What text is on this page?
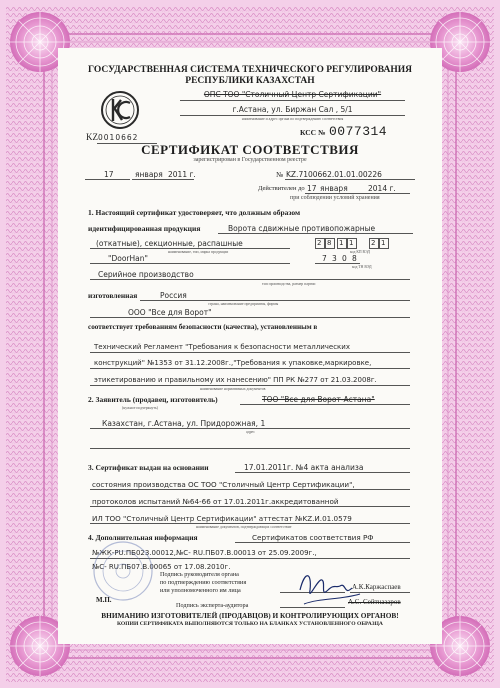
ГОСУДАРСТВЕННАЯ СИСТЕМА ТЕХНИЧЕСКОГО РЕГУЛИРОВАНИЯ
РЕСПУБЛИКИ КАЗАХСТАН
ОПС ТОО "Столичный Центр Сертификации"
г.Астана, ул. Биржан Сал , 5/1
наименование и адрес органа по подтверждению соответствия
KZ 0010662
КСС № 0077314
СЕРТИФИКАТ СООТВЕТСТВИЯ
зарегистрирован в Государственном реестре
17	января 2011 г.	№ KZ.7100662.01.01.00226
Действителен до 17 января	2014 г.
при соблюдении условий хранения
1. Настоящий сертификат удостоверяет, что должным образом
идентифицированная продукция	Ворота сдвижные противопожарные
(откатные), секционные, распашные
наименование, тип, марка продукции
2 8 1 1	2 1
код КП ВЭД
"DoorHan"	7 3 0 8
код ТН ВЭД
Серийное производство
тип производства, размер партии
изготовленная	Россия
страна, наименование предприятия, фирмы
ООО "Все для Ворот"
соответствует требованиям безопасности (качества), установленным в
Технический Регламент "Требования к безопасности металлических
конструкций" №1353 от 31.12.2008г.,"Требования к упаковке,маркировке,
этикетированию и правильному их нанесению" ПП РК №277 от 21.03.2008г.
наименование нормативных документов
2. Заявитель (продавец, изготовитель)
(нужное подчеркнуть)
ТОО "Все для Ворот-Астана"
Казахстан, г.Астана, ул. Придорожная, 1
адрес
3. Сертификат выдан на основании	17.01.2011г. №4 акта анализа
состояния производства ОС ТОО "Столичный Центр Сертификации",
протоколов испытаний №64-66 от 17.01.2011г.аккредитованной
ИЛ ТОО "Столичный Центр Сертификации" аттестат №KZ.И.01.0579
наименование документов, подтверждающих соответствие
4. Дополнительная информация	Сертификатов соответствия РФ
№ЖК-РU.ПБ023.00012,№С- RU.ПБ07.В.00013 от 25.09.2009г.,
№С- RU.ПБ07.В.00065 от 17.08.2010г.
М.П.
Подпись руководителя органа
по подтверждению соответствия
или уполномоченного им лица	А.К.Каржаспаев
Подпись эксперта-аудитора	А.С. Сейтназаров
ВНИМАНИЮ ИЗГОТОВИТЕЛЕЙ (ПРОДАВЦОВ) И КОНТРОЛИРУЮЩИХ ОРГАНОВ!
КОПИИ СЕРТИФИКАТА ВЫПОЛНЯЮТСЯ ТОЛЬКО НА БЛАНКАХ УСТАНОВЛЕННОГО ОБРАЗЦА
